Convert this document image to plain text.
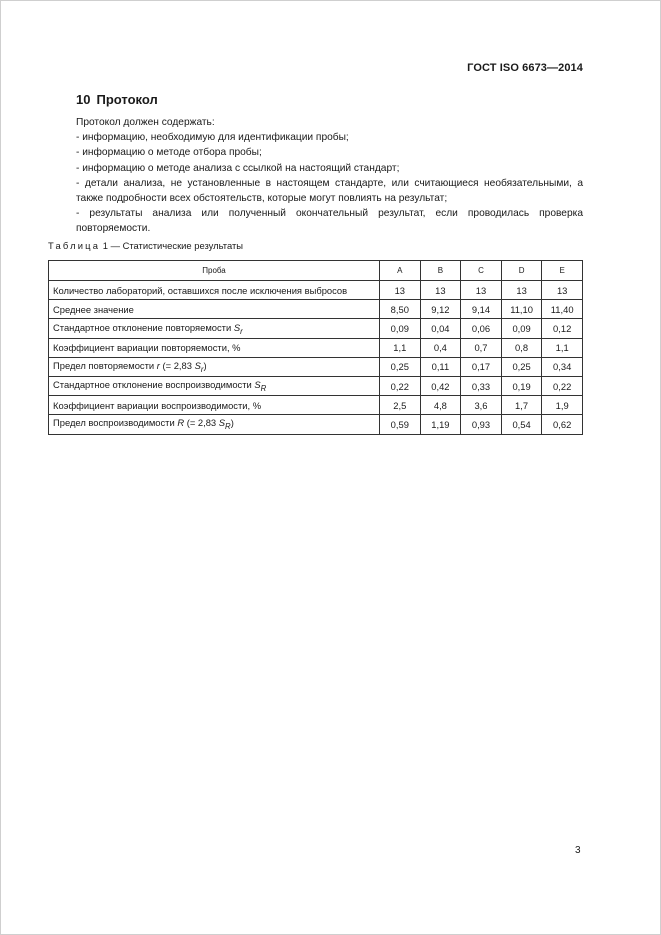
ГОСТ ISO 6673—2014
10 Протокол

Протокол должен содержать:

- информацию, необходимую для идентификации пробы;

- информацию о методе отбора пробы;

- информацию о методе анализа с ссылкой на настоящий стандарт;

- детали анализа, не установленные в настоящем стандарте, или считающиеся необязательными, а также подробности всех обстоятельств, которые могут повлиять на результат;

- результаты анализа или полученный окончательный результат, если проводилась проверка повторяемости.

Таблица 1 — Статистические результаты
Проба	A	B	C	D	E
Количество лабораторий, оставшихся после исключения выбросов	13	13	13	13	13
Среднее значение	8,50	9,12	9,14	11,10	11,40
Стандартное отклонение повторяемости $S_r$	0,09	0,04	0,06	0,09	0,12
Коэффициент вариации повторяемости, %	1,1	0,4	0,7	0,8	1,1
Предел повторяемости r (= 2,83 $S_r$)	0,25	0,11	0,17	0,25	0,34
Стандартное отклонение воспроизводимости $S_R$	0,22	0,42	0,33	0,19	0,22
Коэффициент вариации воспроизводимости, %	2,5	4,8	3,6	1,7	1,9
Предел воспроизводимости R (= 2,83 $S_R$)	0,59	1,19	0,93	0,54	0,62
3
